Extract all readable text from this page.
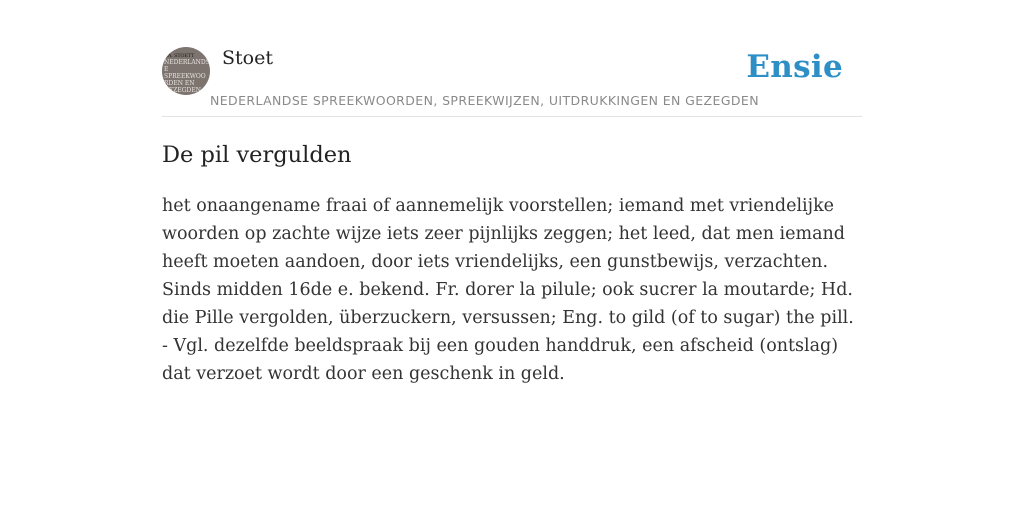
F.A. STOETT
NEDERLANDSE SPREEKWOORDEN EN GEZEGDEN
Stoet
NEDERLANDSE SPREEKWOORDEN, SPREEKWIJZEN, UITDRUKKINGEN EN GEZEGDEN
Ensie
De pil vergulden

het onaangename fraai of aannemelijk voorstellen; iemand met vriendelijke woorden op zachte wijze iets zeer pijnlijks zeggen; het leed, dat men iemand heeft moeten aandoen, door iets vriendelijks, een gunstbewijs, verzachten. Sinds midden 16de e. bekend. Fr. dorer la pilule; ook sucrer la moutarde; Hd. die Pille vergolden, überzuckern, versussen; Eng. to gild (of to sugar) the pill. - Vgl. dezelfde beeldspraak bij een gouden handdruk, een afscheid (ontslag) dat verzoet wordt door een geschenk in geld.
